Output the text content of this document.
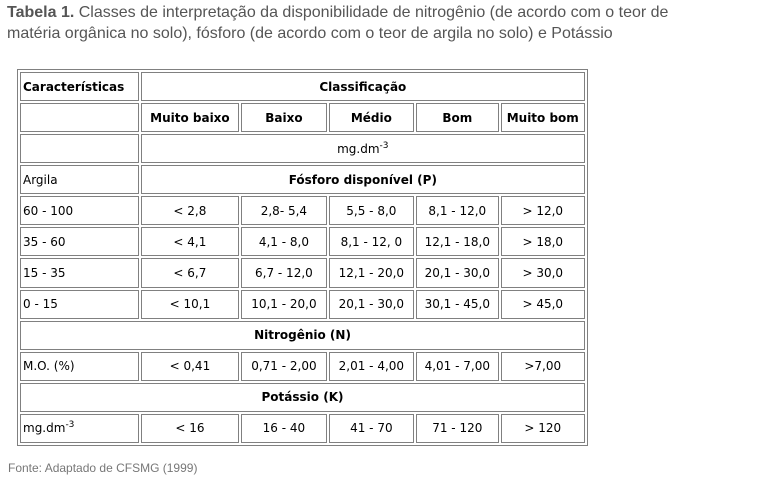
Tabela 1. Classes de interpretação da disponibilidade de nitrogênio (de acordo com o teor de
matéria orgânica no solo), fósforo (de acordo com o teor de argila no solo) e Potássio
Características	Classificação				
	Muito baixo	Baixo	Médio	Bom	Muito bom
	$mg.dm^{-3}$
Argila	Fósforo disponível (P)				
60 - 100	< 2,8	2,8- 5,4	5,5 - 8,0	8,1 - 12,0	> 12,0
35 - 60	< 4,1	4,1 - 8,0	8,1 - 12, 0	12,1 - 18,0	> 18,0
15 - 35	< 6,7	6,7 - 12,0	12,1 - 20,0	20,1 - 30,0	> 30,0
0 - 15	< 10,1	10,1 - 20,0	20,1 - 30,0	30,1 - 45,0	> 45,0
Nitrogênio (N)					
M.O. (%)	< 0,41	0,71 - 2,00	2,01 - 4,00	4,01 - 7,00	>7,00
Potássio (K)					
$mg.dm^{-3}$	< 16	16 - 40	41 - 70	71 - 120	> 120
Fonte: Adaptado de CFSMG (1999)
